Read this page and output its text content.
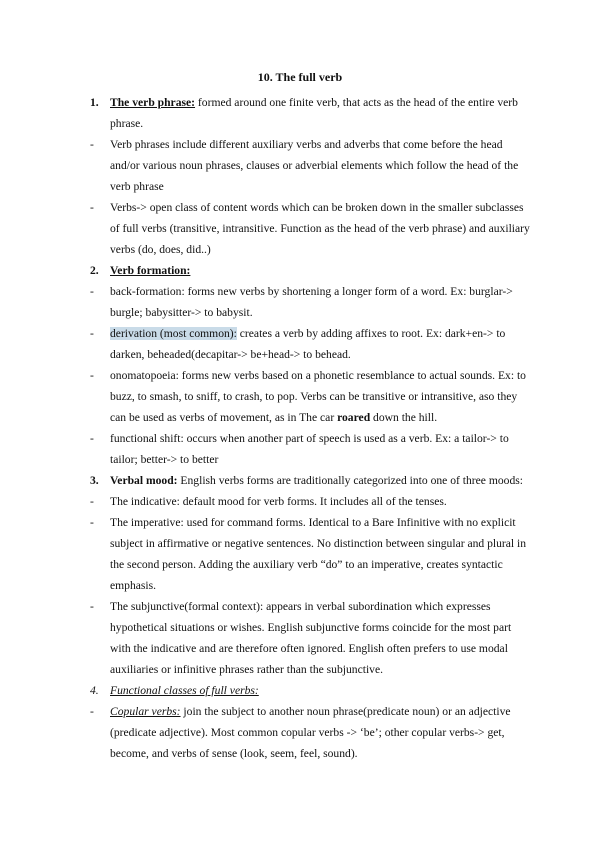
10. The full verb
1. The verb phrase: formed around one finite verb, that acts as the head of the entire verb phrase.
- Verb phrases include different auxiliary verbs and adverbs that come before the head and/or various noun phrases, clauses or adverbial elements which follow the head of the verb phrase
- Verbs-> open class of content words which can be broken down in the smaller subclasses of full verbs (transitive, intransitive. Function as the head of the verb phrase) and auxiliary verbs (do, does, did..)
2. Verb formation:
- back-formation: forms new verbs by shortening a longer form of a word. Ex: burglar-> burgle; babysitter-> to babysit.
- derivation (most common): creates a verb by adding affixes to root. Ex: dark+en-> to darken, beheaded(decapitar-> be+head-> to behead.
- onomatopoeia: forms new verbs based on a phonetic resemblance to actual sounds. Ex: to buzz, to smash, to sniff, to crash, to pop. Verbs can be transitive or intransitive, aso they can be used as verbs of movement, as in The car roared down the hill.
- functional shift: occurs when another part of speech is used as a verb. Ex: a tailor-> to tailor; better-> to better
3. Verbal mood: English verbs forms are traditionally categorized into one of three moods:
- The indicative: default mood for verb forms. It includes all of the tenses.
- The imperative: used for command forms. Identical to a Bare Infinitive with no explicit subject in affirmative or negative sentences. No distinction between singular and plural in the second person. Adding the auxiliary verb “do” to an imperative, creates syntactic emphasis.
- The subjunctive(formal context): appears in verbal subordination which expresses hypothetical situations or wishes. English subjunctive forms coincide for the most part with the indicative and are therefore often ignored. English often prefers to use modal auxiliaries or infinitive phrases rather than the subjunctive.
4. Functional classes of full verbs:
- Copular verbs: join the subject to another noun phrase(predicate noun) or an adjective (predicate adjective). Most common copular verbs -> ‘be’; other copular verbs-> get, become, and verbs of sense (look, seem, feel, sound).
